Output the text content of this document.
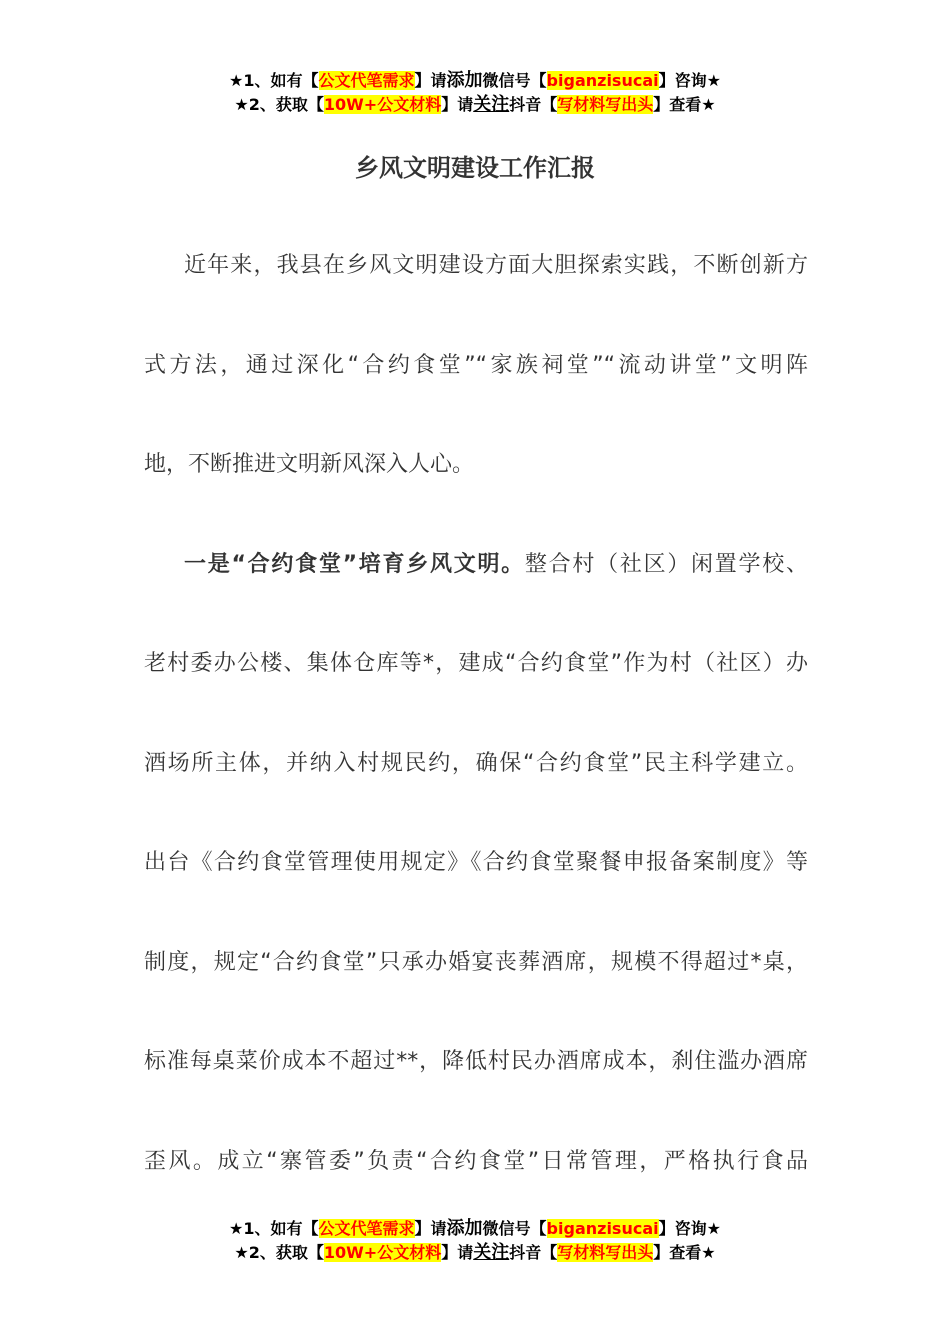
★1、如有【公文代笔需求】请添加微信号【biganzisucai】咨询★
★2、获取【10W+公文材料】请关注抖音【写材料写出头】查看★
乡风文明建设工作汇报
近年来，我县在乡风文明建设方面大胆探索实践，不断创新方
式方法，通过深化“合约食堂”“家族祠堂”“流动讲堂”文明阵
地，不断推进文明新风深入人心。
一是“合约食堂”培育乡风文明。整合村（社区）闲置学校、
老村委办公楼、集体仓库等*，建成“合约食堂”作为村（社区）办
酒场所主体，并纳入村规民约，确保“合约食堂”民主科学建立。
出台《合约食堂管理使用规定》《合约食堂聚餐申报备案制度》等
制度，规定“合约食堂”只承办婚宴丧葬酒席，规模不得超过*桌，
标准每桌菜价成本不超过**，降低村民办酒席成本，刹住滥办酒席
歪风。成立“寨管委”负责“合约食堂”日常管理，严格执行食品
★1、如有【公文代笔需求】请添加微信号【biganzisucai】咨询★
★2、获取【10W+公文材料】请关注抖音【写材料写出头】查看★
